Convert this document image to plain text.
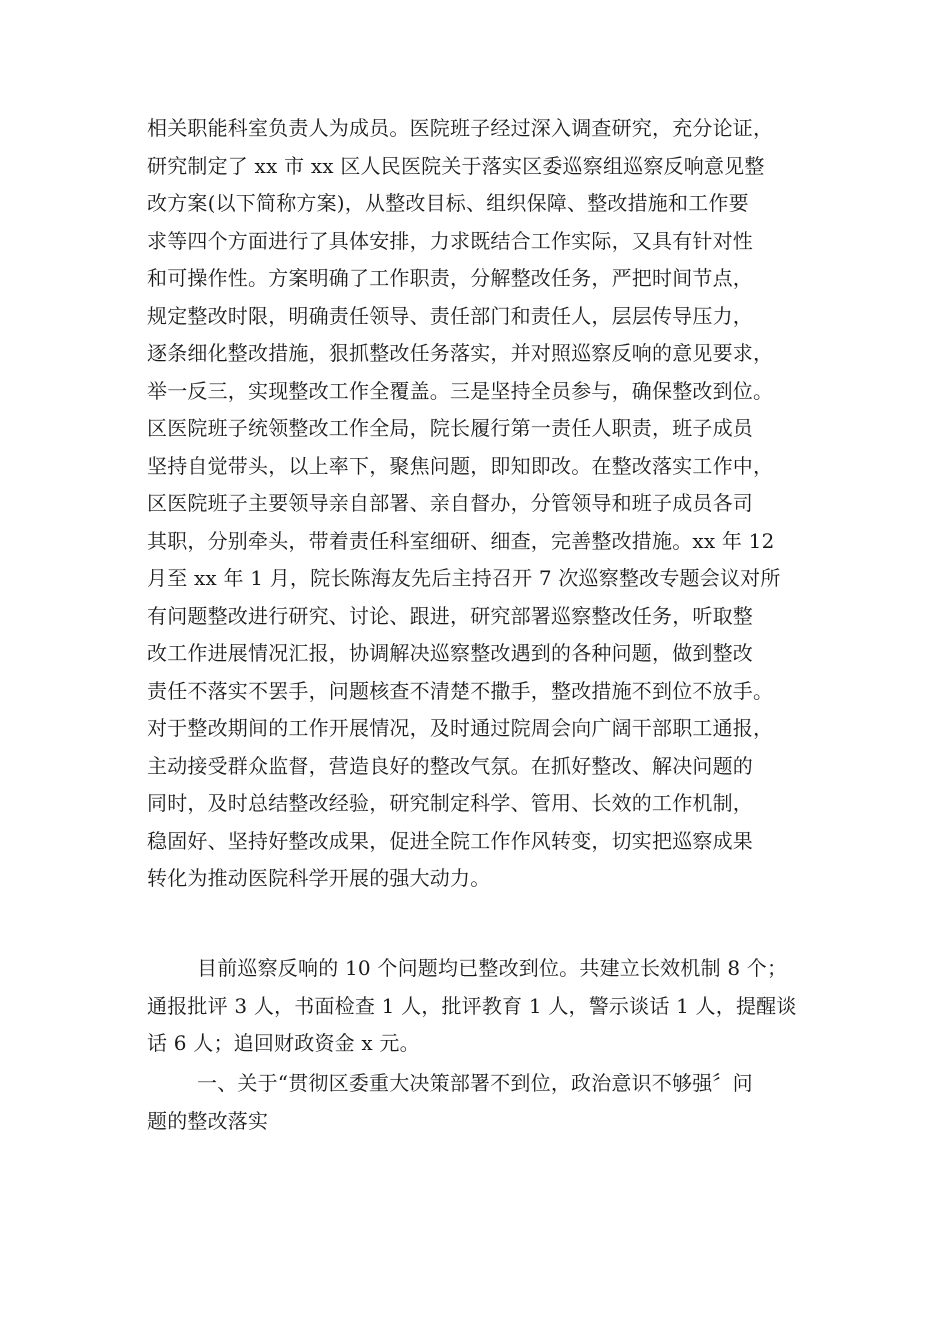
相关职能科室负责人为成员。医院班子经过深入调查研究，充分论证，
研究制定了 xx 市 xx 区人民医院关于落实区委巡察组巡察反响意见整
改方案(以下简称方案)，从整改目标、组织保障、整改措施和工作要
求等四个方面进行了具体安排，力求既结合工作实际，又具有针对性
和可操作性。方案明确了工作职责，分解整改任务，严把时间节点，
规定整改时限，明确责任领导、责任部门和责任人，层层传导压力，
逐条细化整改措施，狠抓整改任务落实，并对照巡察反响的意见要求，
举一反三，实现整改工作全覆盖。三是坚持全员参与，确保整改到位。
区医院班子统领整改工作全局，院长履行第一责任人职责，班子成员
坚持自觉带头，以上率下，聚焦问题，即知即改。在整改落实工作中，
区医院班子主要领导亲自部署、亲自督办，分管领导和班子成员各司
其职，分别牵头，带着责任科室细研、细查，完善整改措施。xx 年 12
月至 xx 年 1 月，院长陈海友先后主持召开 7 次巡察整改专题会议对所
有问题整改进行研究、讨论、跟进，研究部署巡察整改任务，听取整
改工作进展情况汇报，协调解决巡察整改遇到的各种问题，做到整改
责任不落实不罢手，问题核查不清楚不撒手，整改措施不到位不放手。
对于整改期间的工作开展情况，及时通过院周会向广阔干部职工通报，
主动接受群众监督，营造良好的整改气氛。在抓好整改、解决问题的
同时，及时总结整改经验，研究制定科学、管用、长效的工作机制，
稳固好、坚持好整改成果，促进全院工作作风转变，切实把巡察成果
转化为推动医院科学开展的强大动力。
目前巡察反响的 10 个问题均已整改到位。共建立长效机制 8 个；
通报批评 3 人，书面检查 1 人，批评教育 1 人，警示谈话 1 人，提醒谈
话 6 人；追回财政资金 x 元。
一、关于“贯彻区委重大决策部署不到位，政治意识不够强〞问
题的整改落实
